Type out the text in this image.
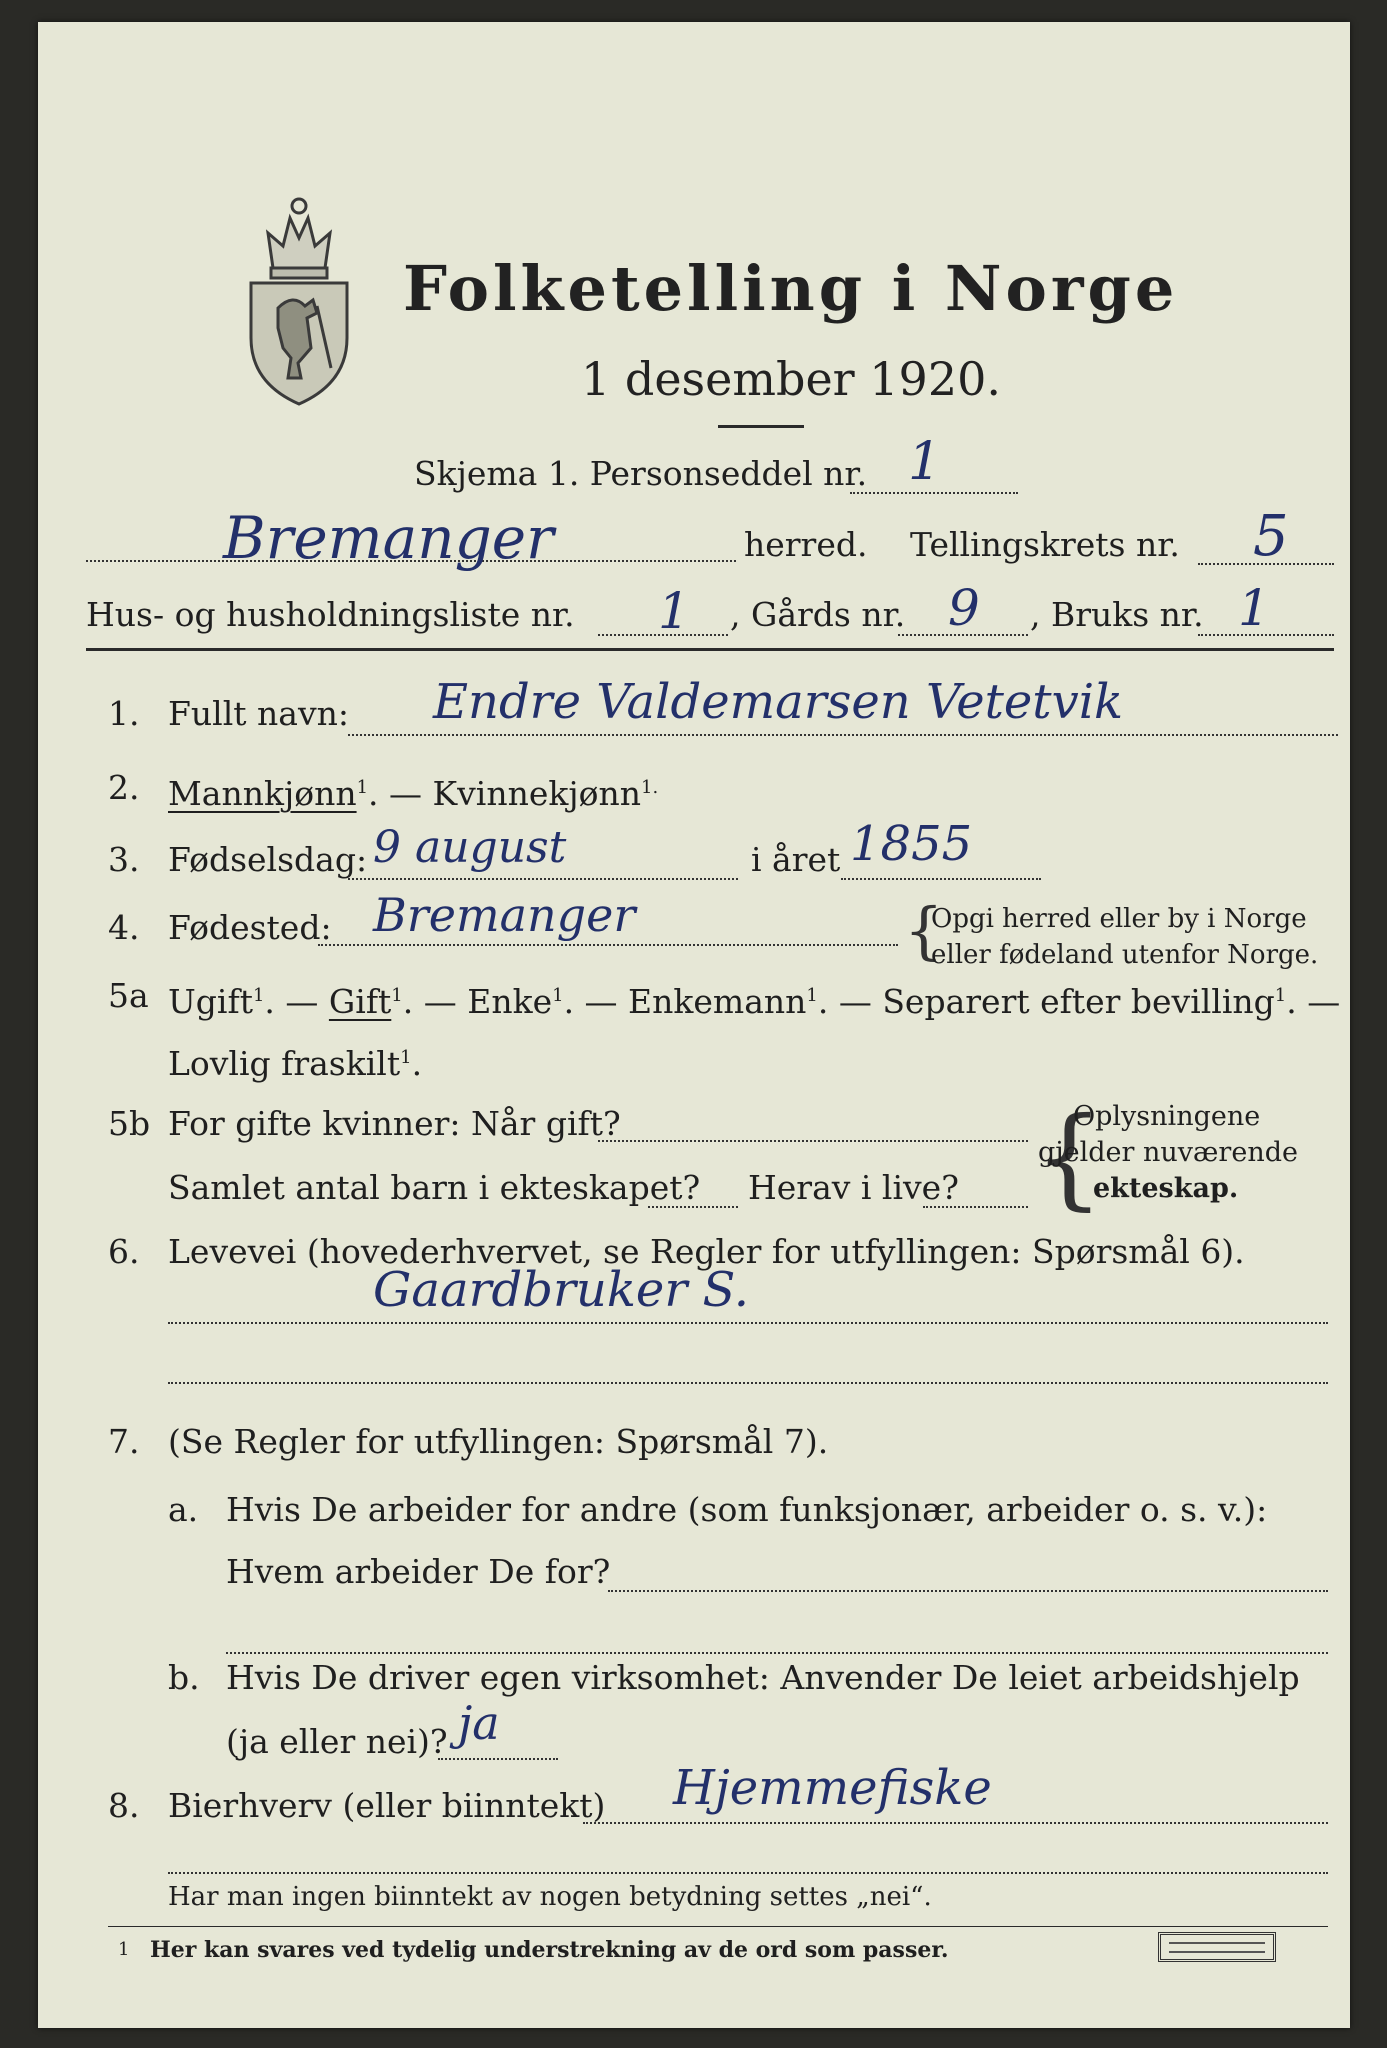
Folketelling i Norge
1 desember 1920.
Skjema 1. Personseddel nr. 1
Bremanger	herred. Tellingskrets nr. 5
Hus- og husholdningsliste nr. 1 , Gårds nr. 9 , Bruks nr. 1
1. Fullt navn: Endre Valdemarsen Vetetvik
2. Mannkjønn$^1$. — Kvinnekjønn$^{1.}$
3. Fødselsdag: 9 august	i året 1855
4. Fødested: Bremanger	{
Opgi herred eller by i Norge
eller fødeland utenfor Norge.
5a Ugift$^1$. — Gift$^1$. — Enke$^1$. — Enkemann$^1$. — Separert efter bevilling$^1$. —
Lovlig fraskilt$^1$.
5b For gifte kvinner: Når gift?
Samlet antal barn i ekteskapet? Herav i live? {
Oplysningene
gjelder nuværende
ekteskap.
6. Levevei (hovederhvervet, se Regler for utfyllingen: Spørsmål 6).
Gaardbruker S.
7. (Se Regler for utfyllingen: Spørsmål 7).
a. Hvis De arbeider for andre (som funksjonær, arbeider o. s. v.):
Hvem arbeider De for?
b. Hvis De driver egen virksomhet: Anvender De leiet arbeidshjelp
(ja eller nei)? ja
8. Bierhverv (eller biinntekt) Hjemmefiske
Har man ingen biinntekt av nogen betydning settes „nei“.
1 Her kan svares ved tydelig understrekning av de ord som passer.
